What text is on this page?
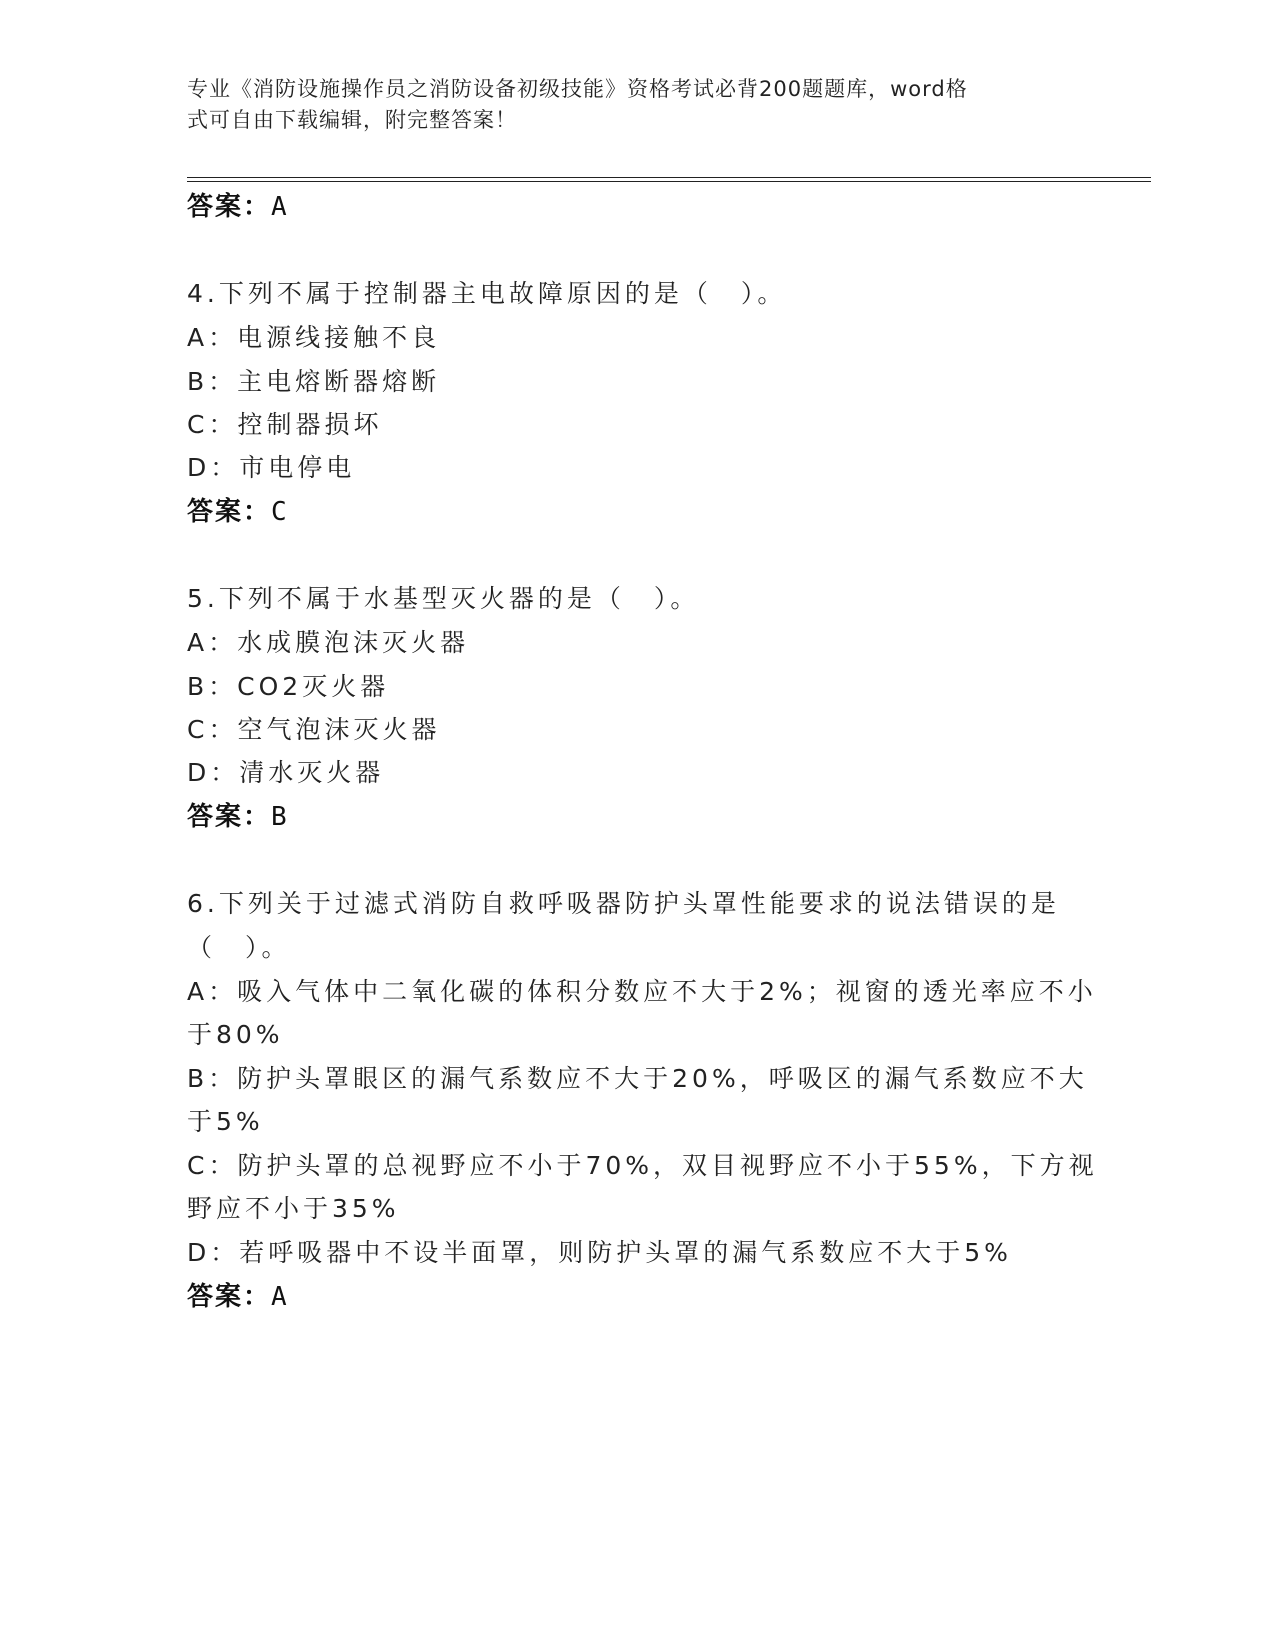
专业《消防设施操作员之消防设备初级技能》资格考试必背200题题库，word格
式可自由下载编辑，附完整答案！
答案：A
4.下列不属于控制器主电故障原因的是（　）。
A：电源线接触不良
B：主电熔断器熔断
C：控制器损坏
D：市电停电
答案：C
5.下列不属于水基型灭火器的是（　）。
A：水成膜泡沫灭火器
B：CO2灭火器
C：空气泡沫灭火器
D：清水灭火器
答案：B
6.下列关于过滤式消防自救呼吸器防护头罩性能要求的说法错误的是
（　）。
A：吸入气体中二氧化碳的体积分数应不大于2%；视窗的透光率应不小
于80%
B：防护头罩眼区的漏气系数应不大于20%，呼吸区的漏气系数应不大
于5%
C：防护头罩的总视野应不小于70%，双目视野应不小于55%，下方视
野应不小于35%
D：若呼吸器中不设半面罩，则防护头罩的漏气系数应不大于5%
答案：A
